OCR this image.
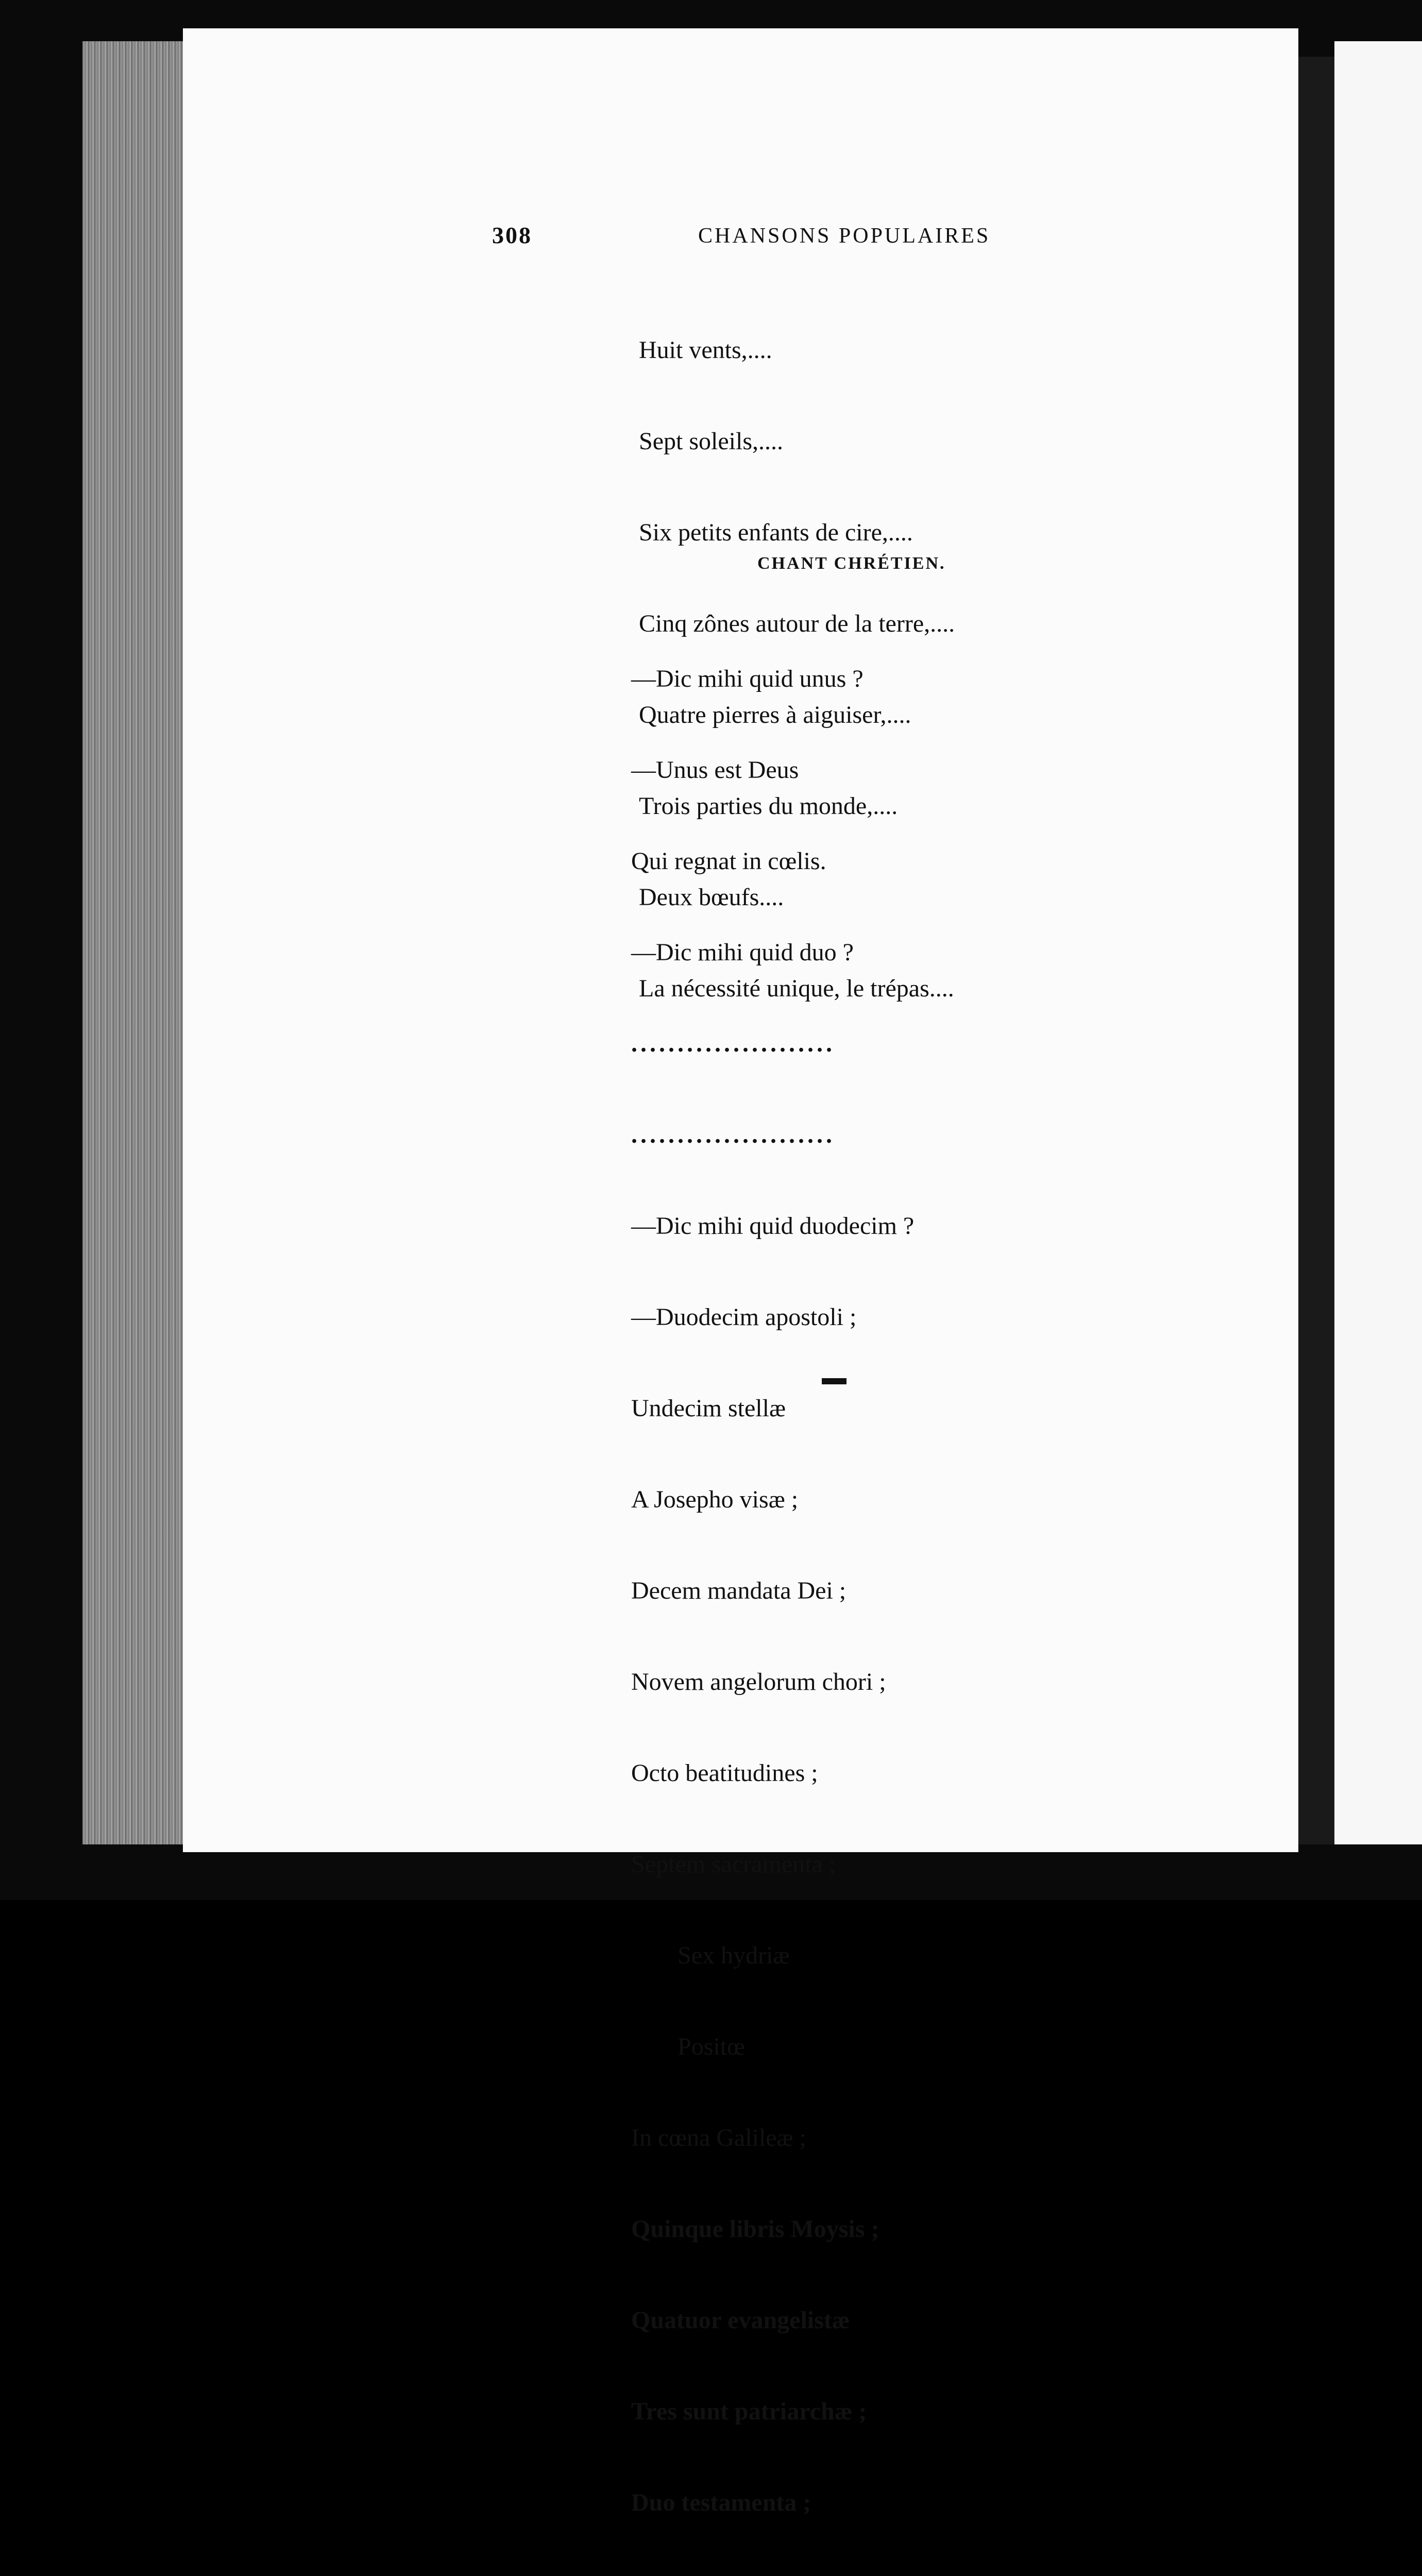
308	CHANSONS POPULAIRES

Huit vents,....

Sept soleils,....

Six petits enfants de cire,....

Cinq zônes autour de la terre,....

Quatre pierres à aiguiser,....

Trois parties du monde,....

Deux bœufs....

La nécessité unique, le trépas....

CHANT CHRÉTIEN.

—Dic mihi quid unus ?

—Unus est Deus

Qui regnat in cœlis.

—Dic mihi quid duo ?

......................

......................

—Dic mihi quid duodecim ?

—Duodecim apostoli ;

Undecim stellæ

A Josepho visæ ;

Decem mandata Dei ;

Novem angelorum chori ;

Octo beatitudines ;

Septem sacramenta ;

Sex hydriæ

Positœ

In cœna Galileæ ;

Quinque libris Moysis ;

Quatuor evangelistæ

Tres sunt patriarchæ ;

Duo testamenta ;
